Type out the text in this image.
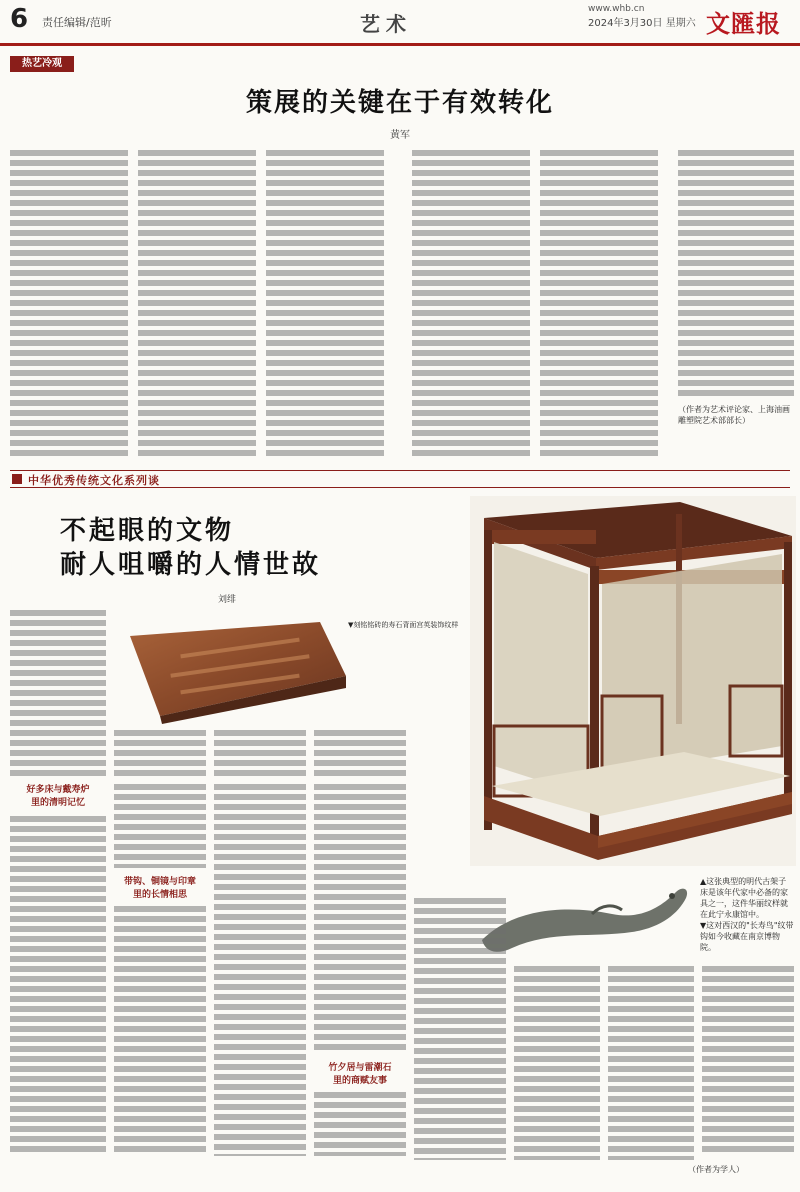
6 责任编辑/范昕	艺术
www.whb.cn
2024年3月30日 星期六 文匯报
热艺冷观
策展的关键在于有效转化
黄军
（作者为艺术评论家、上海油画雕塑院艺术部部长）
中华优秀传统文化系列谈
不起眼的文物
耐人咀嚼的人情世故
刘绯
▼刻铭铭砖的寿石背面宫英装饰纹样
好多床与戴寿炉
里的清明记忆
带钩、铜镜与印章
里的长情相思
竹夕居与雷潮石
里的商赋友事
▲这张典型的明代古架子床是该年代家中必备的家具之一，这件华丽纹样就在此宁永康馆中。
▼这对西汉的"长寿鸟"纹带钩如今收藏在南京博物院。
（作者为学人）
